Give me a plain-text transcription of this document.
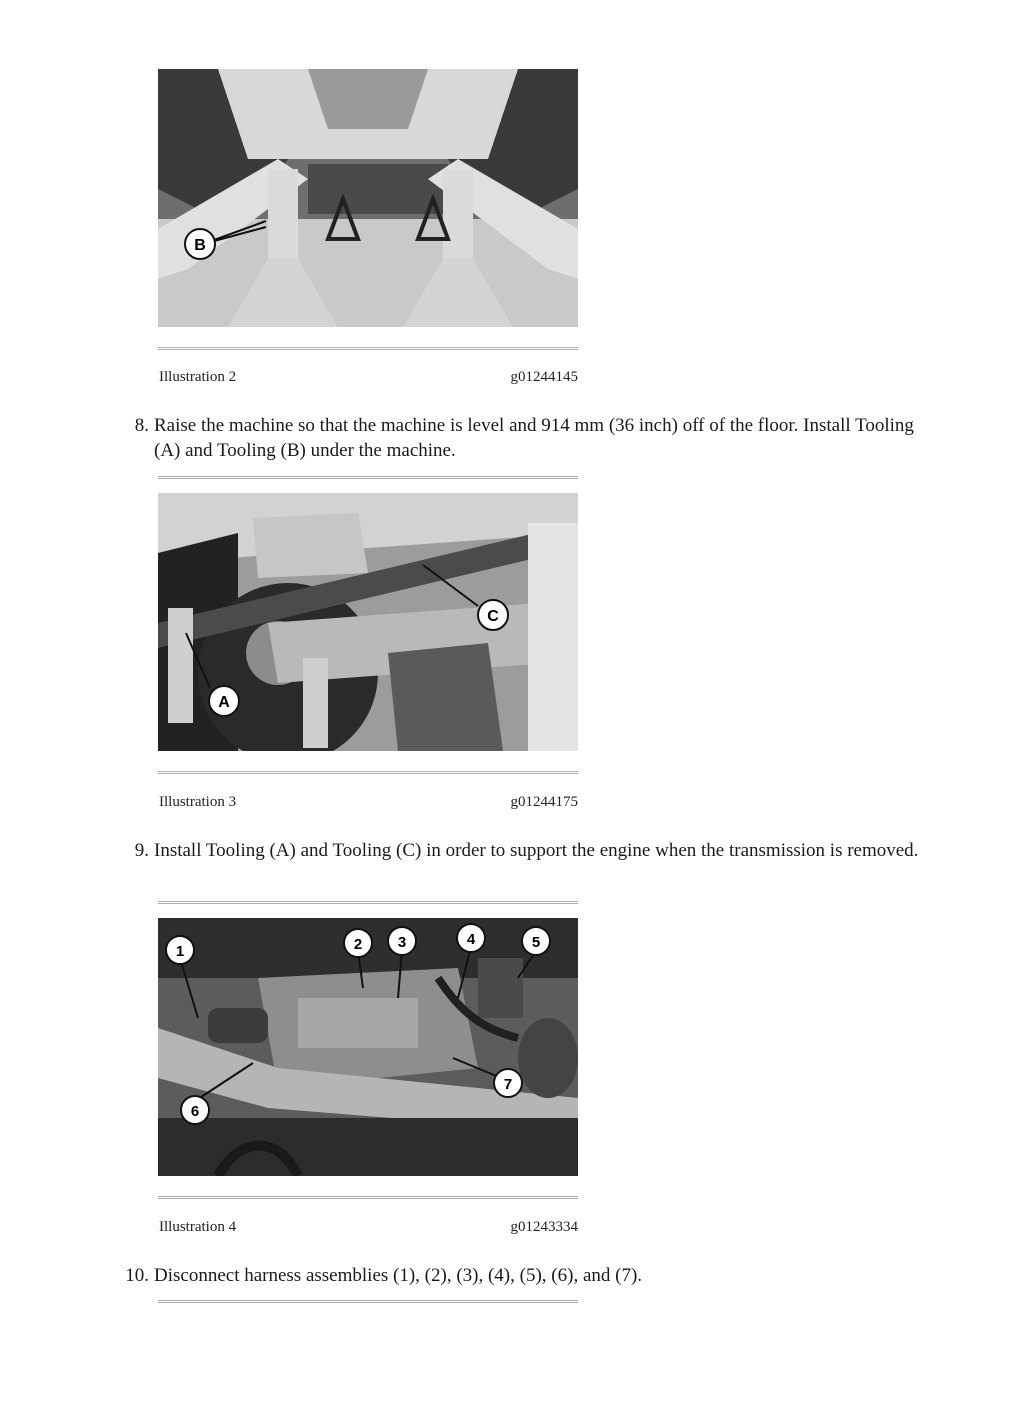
B
Illustration 2	g01244145
8. Raise the machine so that the machine is level and 914 mm (36 inch) off of the floor. Install Tooling (A) and Tooling (B) under the machine.
C
A
Illustration 3	g01244175
9. Install Tooling (A) and Tooling (C) in order to support the engine when the transmission is removed.
1	2 3	4	5
6
7
Illustration 4	g01243334
10. Disconnect harness assemblies (1), (2), (3), (4), (5), (6), and (7).
